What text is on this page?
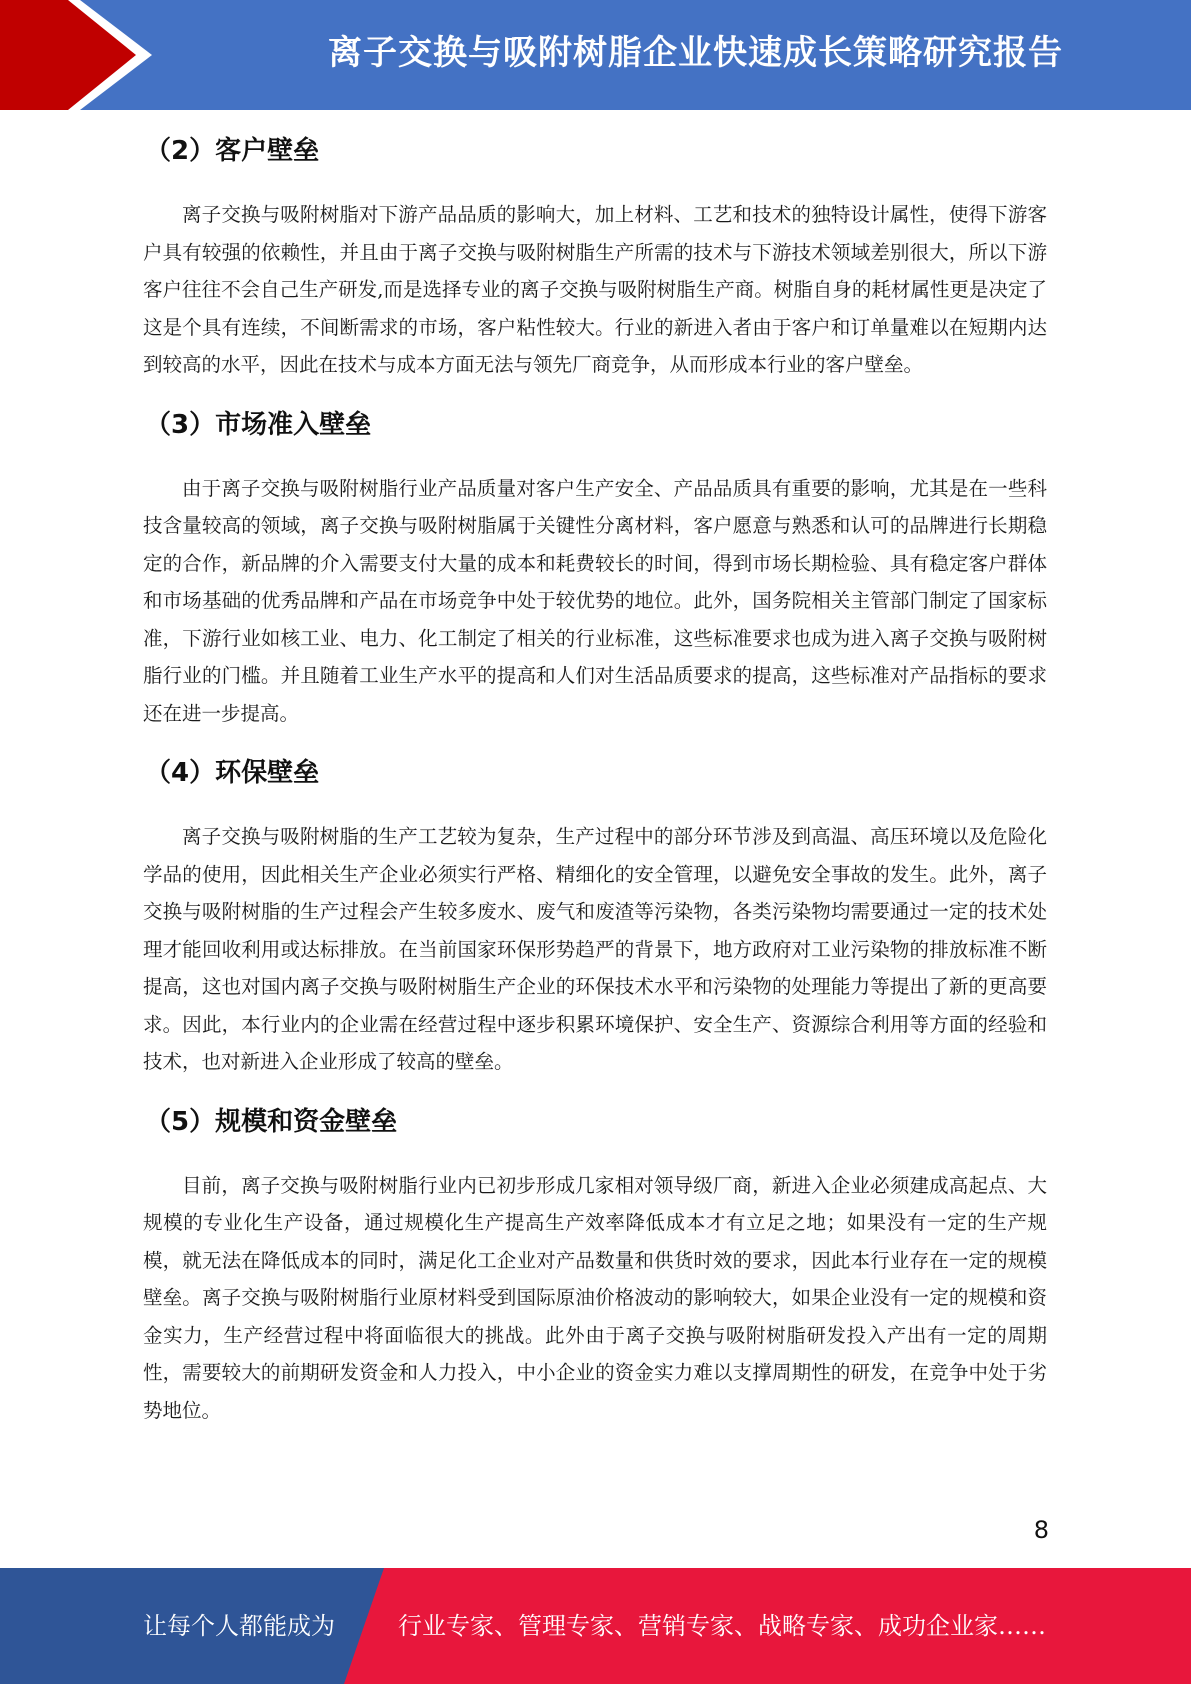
离子交换与吸附树脂企业快速成长策略研究报告
（2）客户壁垒

离子交换与吸附树脂对下游产品品质的影响大，加上材料、工艺和技术的独特设计属性，使得下游客户具有较强的依赖性，并且由于离子交换与吸附树脂生产所需的技术与下游技术领域差别很大，所以下游客户往往不会自己生产研发,而是选择专业的离子交换与吸附树脂生产商。树脂自身的耗材属性更是决定了这是个具有连续，不间断需求的市场，客户粘性较大。行业的新进入者由于客户和订单量难以在短期内达到较高的水平，因此在技术与成本方面无法与领先厂商竞争，从而形成本行业的客户壁垒。

（3）市场准入壁垒

由于离子交换与吸附树脂行业产品质量对客户生产安全、产品品质具有重要的影响，尤其是在一些科技含量较高的领域，离子交换与吸附树脂属于关键性分离材料，客户愿意与熟悉和认可的品牌进行长期稳定的合作，新品牌的介入需要支付大量的成本和耗费较长的时间，得到市场长期检验、具有稳定客户群体和市场基础的优秀品牌和产品在市场竞争中处于较优势的地位。此外，国务院相关主管部门制定了国家标准，下游行业如核工业、电力、化工制定了相关的行业标准，这些标准要求也成为进入离子交换与吸附树脂行业的门槛。并且随着工业生产水平的提高和人们对生活品质要求的提高，这些标准对产品指标的要求还在进一步提高。

（4）环保壁垒

离子交换与吸附树脂的生产工艺较为复杂，生产过程中的部分环节涉及到高温、高压环境以及危险化学品的使用，因此相关生产企业必须实行严格、精细化的安全管理，以避免安全事故的发生。此外，离子交换与吸附树脂的生产过程会产生较多废水、废气和废渣等污染物，各类污染物均需要通过一定的技术处理才能回收利用或达标排放。在当前国家环保形势趋严的背景下，地方政府对工业污染物的排放标准不断提高，这也对国内离子交换与吸附树脂生产企业的环保技术水平和污染物的处理能力等提出了新的更高要求。因此，本行业内的企业需在经营过程中逐步积累环境保护、安全生产、资源综合利用等方面的经验和技术，也对新进入企业形成了较高的壁垒。

（5）规模和资金壁垒

目前，离子交换与吸附树脂行业内已初步形成几家相对领导级厂商，新进入企业必须建成高起点、大规模的专业化生产设备，通过规模化生产提高生产效率降低成本才有立足之地；如果没有一定的生产规模，就无法在降低成本的同时，满足化工企业对产品数量和供货时效的要求，因此本行业存在一定的规模壁垒。离子交换与吸附树脂行业原材料受到国际原油价格波动的影响较大，如果企业没有一定的规模和资金实力，生产经营过程中将面临很大的挑战。此外由于离子交换与吸附树脂研发投入产出有一定的周期性，需要较大的前期研发资金和人力投入，中小企业的资金实力难以支撑周期性的研发，在竞争中处于劣势地位。

8
让每个人都能成为	行业专家、管理专家、营销专家、战略专家、成功企业家……
